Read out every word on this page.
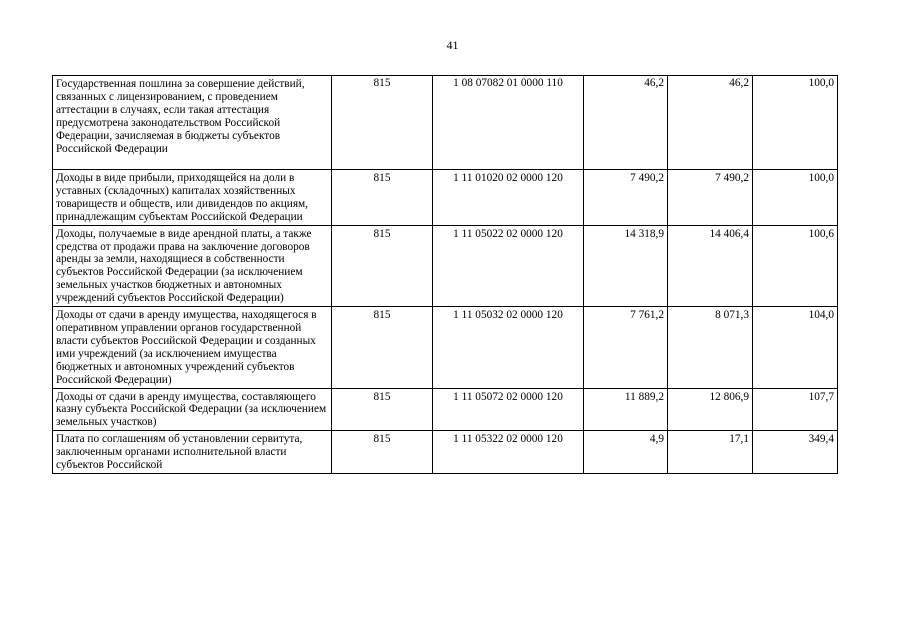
41
Государственная пошлина за совершение действий, связанных с лицензированием, с проведением аттестации в случаях, если такая аттестация предусмотрена законодательством Российской Федерации, зачисляемая в бюджеты субъектов Российской Федерации	815	1 08 07082 01 0000 110	46,2	46,2	100,0
Доходы в виде прибыли, приходящейся на доли в уставных (складочных) капиталах хозяйственных товариществ и обществ, или дивидендов по акциям, принадлежащим субъектам Российской Федерации	815	1 11 01020 02 0000 120	7 490,2	7 490,2	100,0
Доходы, получаемые в виде арендной платы, а также средства от продажи права на заключение договоров аренды за земли, находящиеся в собственности субъектов Российской Федерации (за исключением земельных участков бюджетных и автономных учреждений субъектов Российской Федерации)	815	1 11 05022 02 0000 120	14 318,9	14 406,4	100,6
Доходы от сдачи в аренду имущества, находящегося в оперативном управлении органов государственной власти субъектов Российской Федерации и созданных ими учреждений (за исключением имущества бюджетных и автономных учреждений субъектов Российской Федерации)	815	1 11 05032 02 0000 120	7 761,2	8 071,3	104,0
Доходы от сдачи в аренду имущества, составляющего казну субъекта Российской Федерации (за исключением земельных участков)	815	1 11 05072 02 0000 120	11 889,2	12 806,9	107,7
Плата по соглашениям об установлении сервитута, заключенным органами исполнительной власти субъектов Российской	815	1 11 05322 02 0000 120	4,9	17,1	349,4
